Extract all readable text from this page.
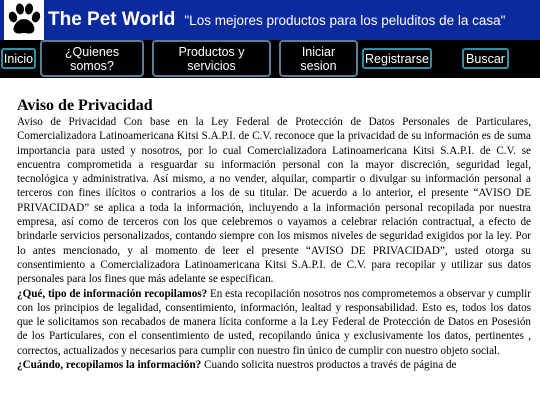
The Pet World "Los mejores productos para los peluditos de la casa"
Inicio	¿Quienes
somos?
Productos y
servicios
Iniciar
sesion
Registrarse	Buscar
Aviso de Privacidad

Aviso de Privacidad Con base en la Ley Federal de Protección de Datos Personales de Particulares, Comercializadora Latinoamericana Kitsi S.A.P.I. de C.V. reconoce que la privacidad de su información es de suma importancia para usted y nosotros, por lo cual Comercializadora Latinoamericana Kitsi S.A.P.I. de C.V. se encuentra comprometida a resguardar su información personal con la mayor discreción, seguridad legal, tecnológica y administrativa. Así mismo, a no vender, alquilar, compartir o divulgar su información personal a terceros con fines ilícitos o contrarios a los de su titular. De acuerdo a lo anterior, el presente “AVISO DE PRIVACIDAD” se aplica a toda la información, incluyendo a la información personal recopilada por nuestra empresa, así como de terceros con los que celebremos o vayamos a celebrar relación contractual, a efecto de brindarle servicios personalizados, contando siempre con los mismos niveles de seguridad exigidos por la ley. Por lo antes mencionado, y al momento de leer el presente “AVISO DE PRIVACIDAD”, usted otorga su consentimiento a Comercializadora Latinoamericana Kitsi S.A.P.I. de C.V. para recopilar y utilizar sus datos personales para los fines que más adelante se especifican.

¿Qué, tipo de información recopilamos? En esta recopilación nosotros nos comprometemos a observar y cumplir con los principios de legalidad, consentimiento, información, lealtad y responsabilidad. Esto es, todos los datos que le solicitamos son recabados de manera lícita conforme a la Ley Federal de Protección de Datos en Posesión de los Particulares, con el consentimiento de usted, recopilando única y exclusivamente los datos, pertinentes , correctos, actualizados y necesarios para cumplir con nuestro fin único de cumplir con nuestro objeto social.

¿Cuándo, recopilamos la información? Cuando solicita nuestros productos a través de página de
